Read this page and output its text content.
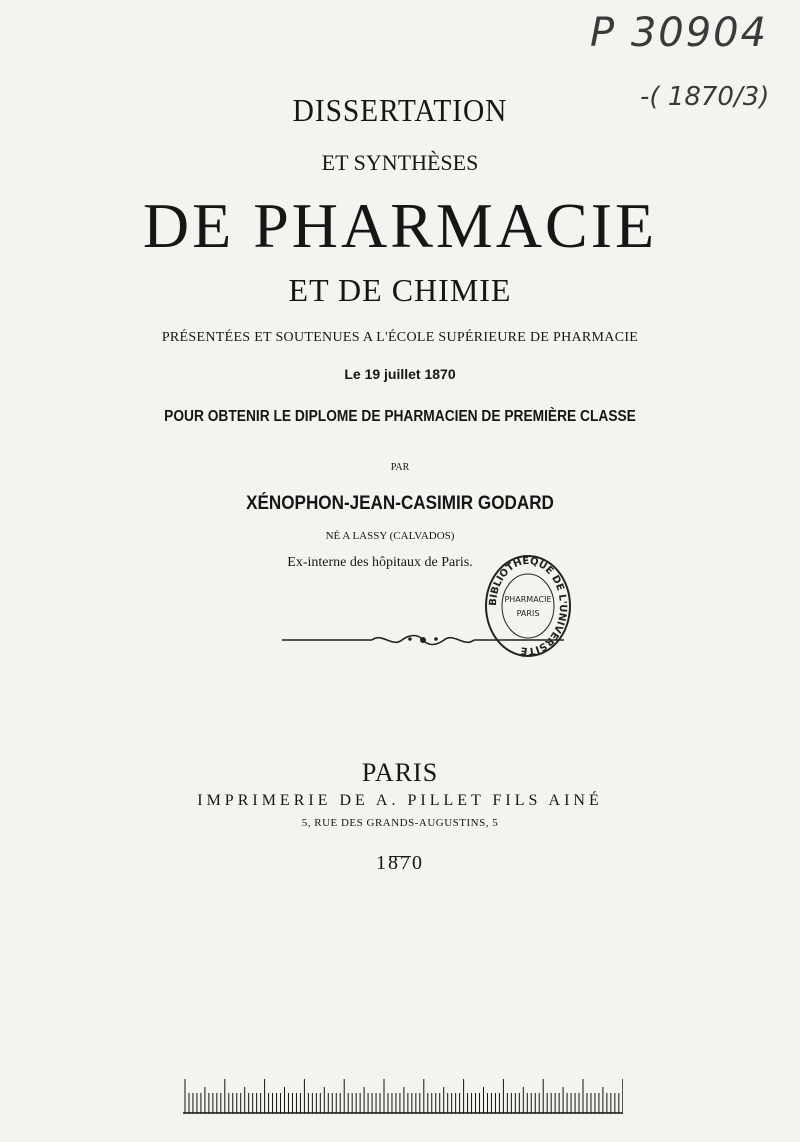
P 30904
-( 1870/3)
DISSERTATION
ET SYNTHÈSES
DE PHARMACIE
ET DE CHIMIE
PRÉSENTÉES ET SOUTENUES A L'ÉCOLE SUPÉRIEURE DE PHARMACIE
Le 19 juillet 1870
POUR OBTENIR LE DIPLOME DE PHARMACIEN DE PREMIÈRE CLASSE
PAR
XÉNOPHON-JEAN-CASIMIR GODARD
NÉ A LASSY (CALVADOS)
Ex-interne des hôpitaux de Paris.
BIBLIOTHÈQUE DE L'UNIVERSITÉ
PHARMACIE
PARIS
PARIS
IMPRIMERIE DE A. PILLET FILS AINÉ
5, RUE DES GRANDS-AUGUSTINS, 5
1870
